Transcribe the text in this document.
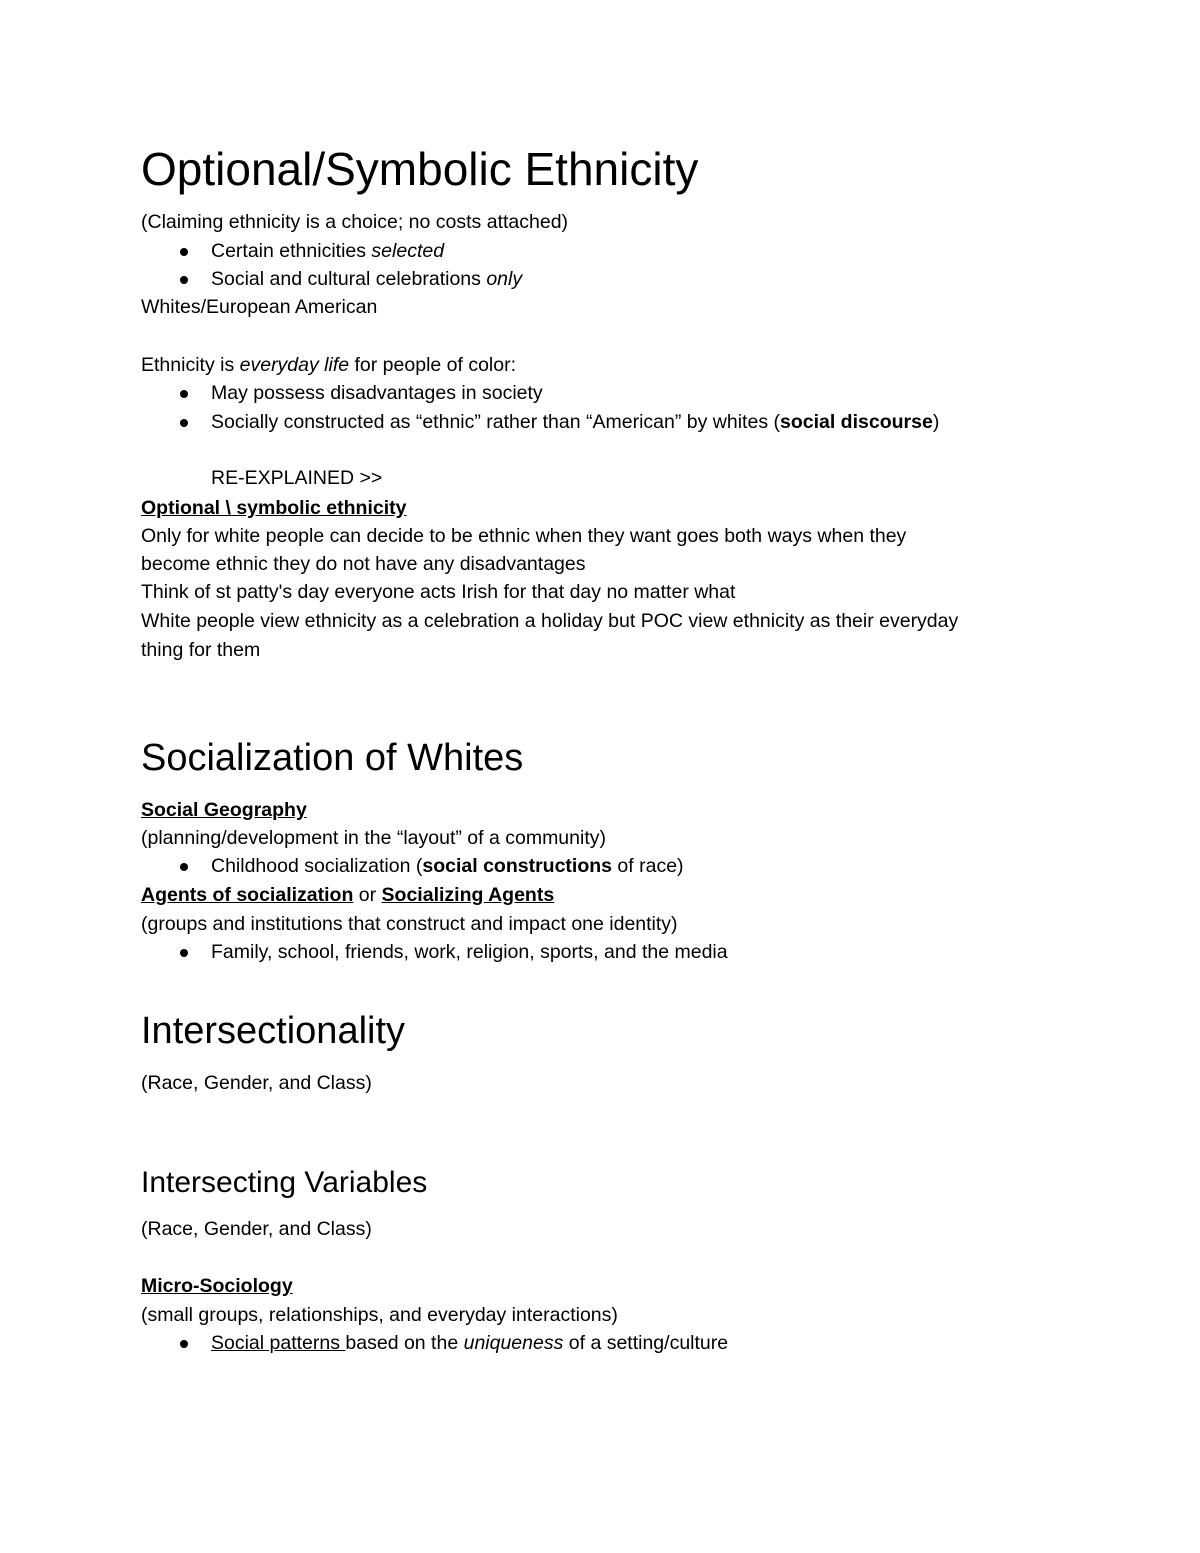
Optional/Symbolic Ethnicity
(Claiming ethnicity is a choice; no costs attached)
Certain ethnicities selected
Social and cultural celebrations only
Whites/European American
Ethnicity is everyday life for people of color:
May possess disadvantages in society
Socially constructed as “ethnic” rather than “American” by whites (social discourse)
RE-EXPLAINED >>
Optional \ symbolic ethnicity
Only for white people can decide to be ethnic when they want goes both ways when they
become ethnic they do not have any disadvantages
Think of st patty's day everyone acts Irish for that day no matter what
White people view ethnicity as a celebration a holiday but POC view ethnicity as their everyday
thing for them
Socialization of Whites
Social Geography
(planning/development in the “layout” of a community)
Childhood socialization (social constructions of race)
Agents of socialization or Socializing Agents
(groups and institutions that construct and impact one identity)
Family, school, friends, work, religion, sports, and the media
Intersectionality
(Race, Gender, and Class)
Intersecting Variables
(Race, Gender, and Class)
Micro-Sociology
(small groups, relationships, and everyday interactions)
Social patterns based on the uniqueness of a setting/culture
